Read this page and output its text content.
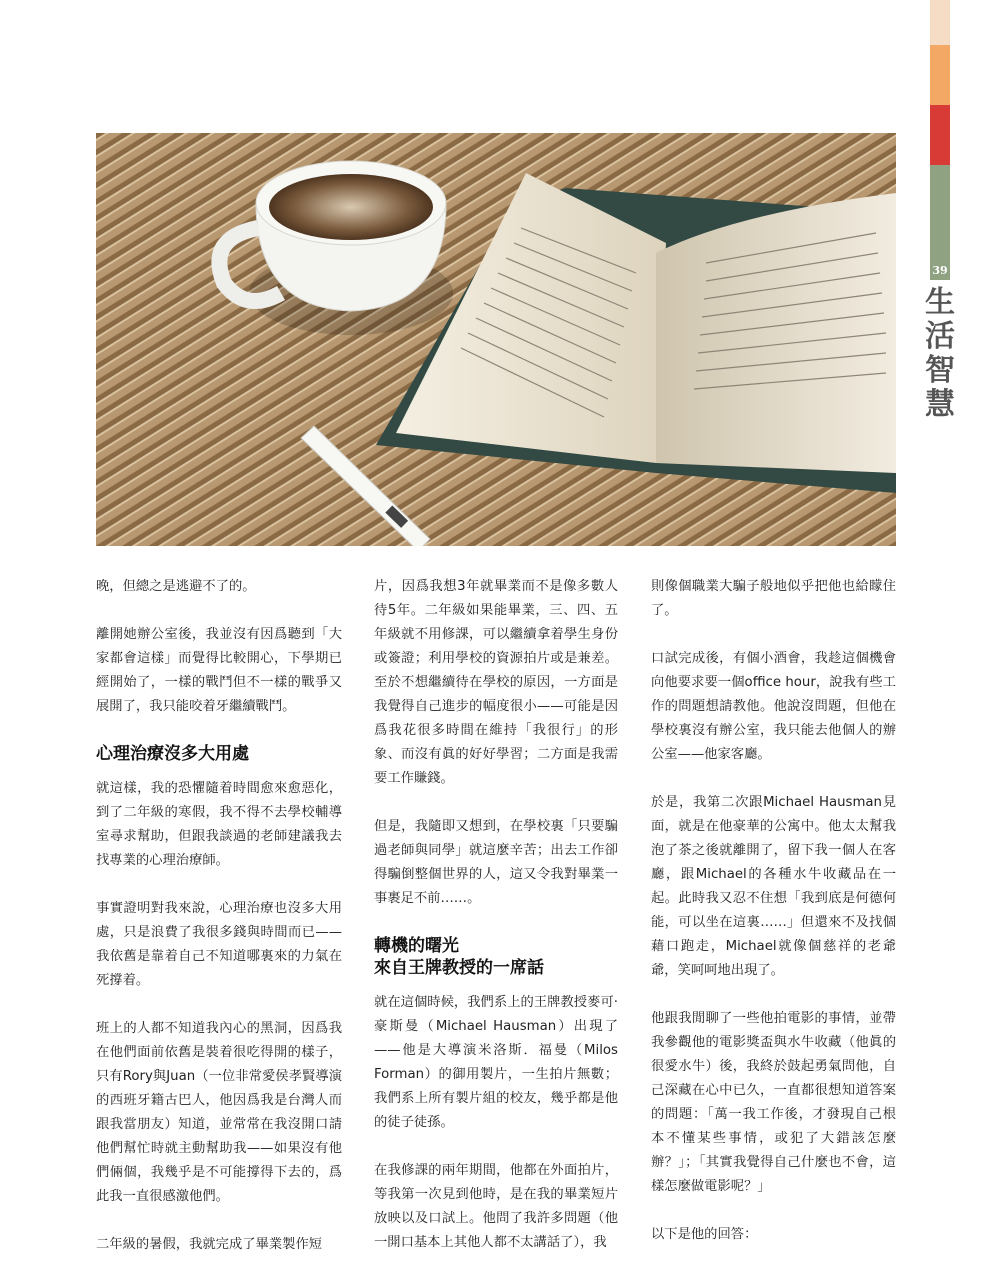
39
生
活
智
慧

晚，但總之是逃避不了的。

離開她辦公室後，我並沒有因爲聽到「大家都會這樣」而覺得比較開心，下學期已經開始了，一樣的戰鬥但不一樣的戰爭又展開了，我只能咬着牙繼續戰鬥。

心理治療沒多大用處

就這樣，我的恐懼隨着時間愈來愈惡化，到了二年級的寒假，我不得不去學校輔導室尋求幫助，但跟我談過的老師建議我去找專業的心理治療師。

事實證明對我來說，心理治療也沒多大用處，只是浪費了我很多錢與時間而已——我依舊是靠着自己不知道哪裏來的力氣在死撐着。

班上的人都不知道我內心的黑洞，因爲我在他們面前依舊是裝着很吃得開的樣子，只有Rory與Juan（一位非常愛侯孝賢導演的西班牙籍古巴人，他因爲我是台灣人而跟我當朋友）知道，並常常在我沒開口請他們幫忙時就主動幫助我——如果沒有他們倆個，我幾乎是不可能撐得下去的，爲此我一直很感激他們。

二年級的暑假，我就完成了畢業製作短

片，因爲我想3年就畢業而不是像多數人待5年。二年級如果能畢業，三、四、五年級就不用修課，可以繼續拿着學生身份或簽證；利用學校的資源拍片或是兼差。至於不想繼續待在學校的原因，一方面是我覺得自己進步的幅度很小——可能是因爲我花很多時間在維持「我很行」的形象、而沒有眞的好好學習；二方面是我需要工作賺錢。

但是，我隨即又想到，在學校裏「只要騙過老師與同學」就這麼辛苦；出去工作卻得騙倒整個世界的人，這又令我對畢業一事裹足不前……。

轉機的曙光
來自王牌教授的一席話

就在這個時候，我們系上的王牌教授麥可·豪斯曼（Michael Hausman）出現了——他是大導演米洛斯．福曼（Milos Forman）的御用製片，一生拍片無數；我們系上所有製片組的校友，幾乎都是他的徒子徒孫。

在我修課的兩年期間，他都在外面拍片，等我第一次見到他時，是在我的畢業短片放映以及口試上。他問了我許多問題（他一開口基本上其他人都不太講話了），我

則像個職業大騙子般地似乎把他也給矇住了。

口試完成後，有個小酒會，我趁這個機會向他要求要一個office hour，說我有些工作的問題想請教他。他說沒問題，但他在學校裏沒有辦公室，我只能去他個人的辦公室——他家客廳。

於是，我第二次跟Michael Hausman見面，就是在他豪華的公寓中。他太太幫我泡了茶之後就離開了，留下我一個人在客廳，跟Michael的各種水牛收藏品在一起。此時我又忍不住想「我到底是何德何能，可以坐在這裏……」但還來不及找個藉口跑走，Michael就像個慈祥的老爺爺，笑呵呵地出現了。

他跟我閒聊了一些他拍電影的事情，並帶我參觀他的電影獎盃與水牛收藏（他眞的很愛水牛）後，我終於鼓起勇氣問他，自己深藏在心中已久，一直都很想知道答案的問題：「萬一我工作後，才發現自己根本不懂某些事情，或犯了大錯該怎麼辦？」；「其實我覺得自己什麼也不會，這樣怎麼做電影呢？」

以下是他的回答：
